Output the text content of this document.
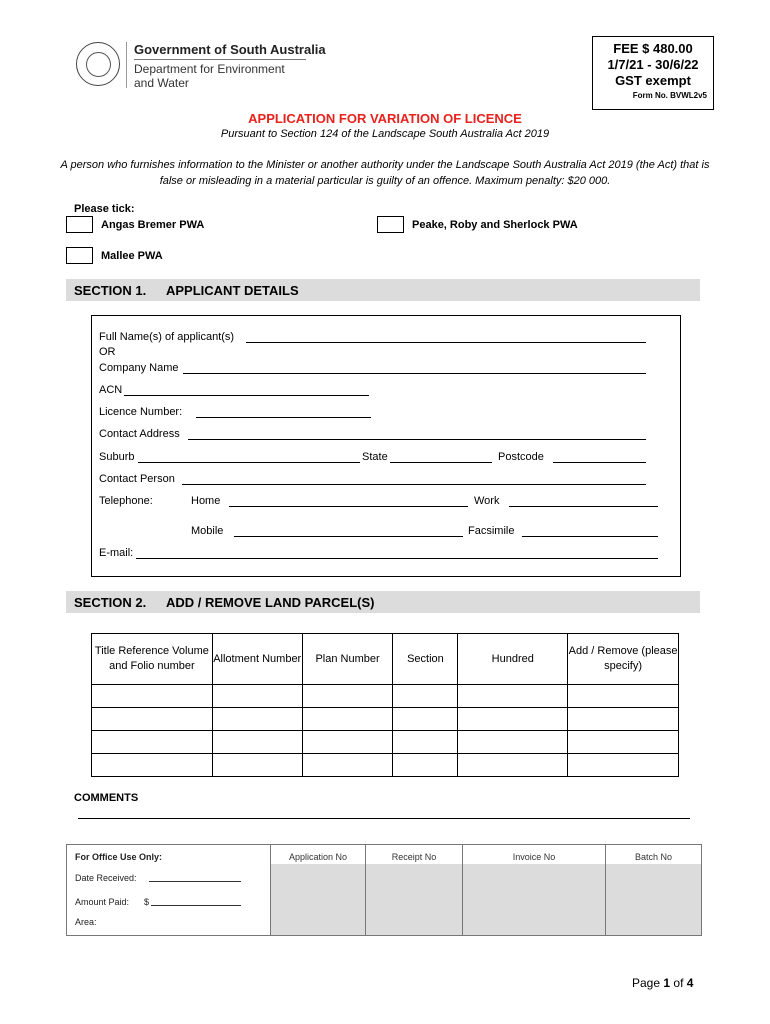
Government of South Australia
Department for Environment and Water
FEE $ 480.00
1/7/21 - 30/6/22
GST exempt
Form No. BVWL2v5
APPLICATION FOR VARIATION OF LICENCE
Pursuant to Section 124 of the Landscape South Australia Act 2019
A person who furnishes information to the Minister or another authority under the Landscape South Australia Act 2019 (the Act) that is false or misleading in a material particular is guilty of an offence. Maximum penalty: $20 000.
Please tick:
Angas Bremer PWA	Peake, Roby and Sherlock PWA
Mallee PWA
SECTION 1. APPLICANT DETAILS
Full Name(s) of applicant(s)
OR
Company Name
ACN
Licence Number:
Contact Address
Suburb	State	Postcode
Contact Person
Telephone:	Home	Work
Mobile	Facsimile
E-mail:
SECTION 2. ADD / REMOVE LAND PARCEL(S)
Title Reference Volume and Folio number	Allotment Number	Plan Number	Section	Hundred	Add / Remove (please specify)

COMMENTS
For Office Use Only:	Application No	Receipt No	Invoice No	Batch No
Date Received:
Amount Paid: $
Area:
Page 1 of 4
